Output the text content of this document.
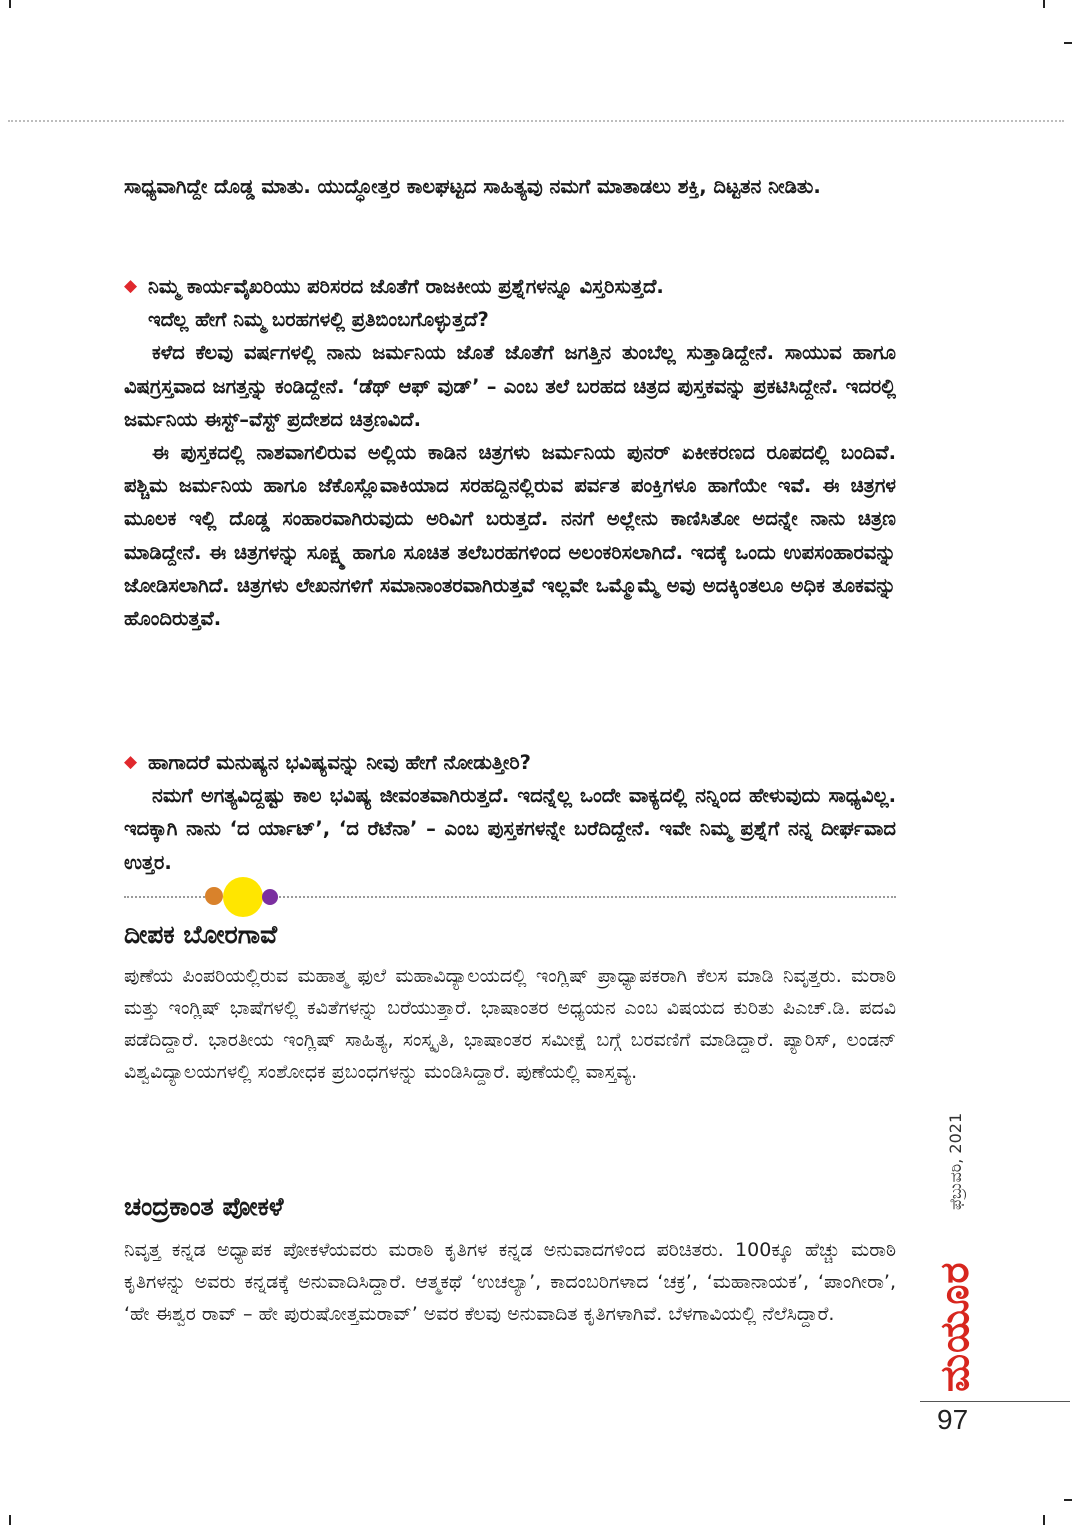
ಸಾಧ್ಯವಾಗಿದ್ದೇ ದೊಡ್ಡ ಮಾತು. ಯುದ್ಧೋತ್ತರ ಕಾಲಘಟ್ಟದ ಸಾಹಿತ್ಯವು ನಮಗೆ ಮಾತಾಡಲು ಶಕ್ತಿ, ದಿಟ್ಟತನ ನೀಡಿತು.

◆ ನಿಮ್ಮ ಕಾರ್ಯವೈಖರಿಯು ಪರಿಸರದ ಜೊತೆಗೆ ರಾಜಕೀಯ ಪ್ರಶ್ನೆಗಳನ್ನೂ ವಿಸ್ತರಿಸುತ್ತದೆ.

ಇದೆಲ್ಲ ಹೇಗೆ ನಿಮ್ಮ ಬರಹಗಳಲ್ಲಿ ಪ್ರತಿಬಿಂಬಗೊಳ್ಳುತ್ತದೆ?

ಕಳೆದ ಕೆಲವು ವರ್ಷಗಳಲ್ಲಿ ನಾನು ಜರ್ಮನಿಯ ಜೊತೆ ಜೊತೆಗೆ ಜಗತ್ತಿನ ತುಂಬೆಲ್ಲ ಸುತ್ತಾಡಿದ್ದೇನೆ. ಸಾಯುವ ಹಾಗೂ ವಿಷಗ್ರಸ್ತವಾದ ಜಗತ್ತನ್ನು ಕಂಡಿದ್ದೇನೆ. ‘ಡೆಥ್ ಆಫ್ ವುಡ್’ – ಎಂಬ ತಲೆ ಬರಹದ ಚಿತ್ರದ ಪುಸ್ತಕವನ್ನು ಪ್ರಕಟಿಸಿದ್ದೇನೆ. ಇದರಲ್ಲಿ ಜರ್ಮನಿಯ ಈಸ್ಟ್–ವೆಸ್ಟ್ ಪ್ರದೇಶದ ಚಿತ್ರಣವಿದೆ.

ಈ ಪುಸ್ತಕದಲ್ಲಿ ನಾಶವಾಗಲಿರುವ ಅಲ್ಲಿಯ ಕಾಡಿನ ಚಿತ್ರಗಳು ಜರ್ಮನಿಯ ಪುನರ್ ಏಕೀಕರಣದ ರೂಪದಲ್ಲಿ ಬಂದಿವೆ. ಪಶ್ಚಿಮ ಜರ್ಮನಿಯ ಹಾಗೂ ಜೆಕೊಸ್ಲೊವಾಕಿಯಾದ ಸರಹದ್ದಿನಲ್ಲಿರುವ ಪರ್ವತ ಪಂಕ್ತಿಗಳೂ ಹಾಗೆಯೇ ಇವೆ. ಈ ಚಿತ್ರಗಳ ಮೂಲಕ ಇಲ್ಲಿ ದೊಡ್ಡ ಸಂಹಾರವಾಗಿರುವುದು ಅರಿವಿಗೆ ಬರುತ್ತದೆ. ನನಗೆ ಅಲ್ಲೇನು ಕಾಣಿಸಿತೋ ಅದನ್ನೇ ನಾನು ಚಿತ್ರಣ ಮಾಡಿದ್ದೇನೆ. ಈ ಚಿತ್ರಗಳನ್ನು ಸೂಕ್ಷ್ಮ ಹಾಗೂ ಸೂಚಿತ ತಲೆಬರಹಗಳಿಂದ ಅಲಂಕರಿಸಲಾಗಿದೆ. ಇದಕ್ಕೆ ಒಂದು ಉಪಸಂಹಾರವನ್ನು ಜೋಡಿಸಲಾಗಿದೆ. ಚಿತ್ರಗಳು ಲೇಖನಗಳಿಗೆ ಸಮಾನಾಂತರವಾಗಿರುತ್ತವೆ ಇಲ್ಲವೇ ಒಮ್ಮೊಮ್ಮೆ ಅವು ಅದಕ್ಕಿಂತಲೂ ಅಧಿಕ ತೂಕವನ್ನು ಹೊಂದಿರುತ್ತವೆ.

◆ ಹಾಗಾದರೆ ಮನುಷ್ಯನ ಭವಿಷ್ಯವನ್ನು ನೀವು ಹೇಗೆ ನೋಡುತ್ತೀರಿ?

ನಮಗೆ ಅಗತ್ಯವಿದ್ದಷ್ಟು ಕಾಲ ಭವಿಷ್ಯ ಜೀವಂತವಾಗಿರುತ್ತದೆ. ಇದನ್ನೆಲ್ಲ ಒಂದೇ ವಾಕ್ಯದಲ್ಲಿ ನನ್ನಿಂದ ಹೇಳುವುದು ಸಾಧ್ಯವಿಲ್ಲ. ಇದಕ್ಕಾಗಿ ನಾನು ‘ದ ರ್ಯಾಟ್’, ‘ದ ರೆಟೆನಾ’ – ಎಂಬ ಪುಸ್ತಕಗಳನ್ನೇ ಬರೆದಿದ್ದೇನೆ. ಇವೇ ನಿಮ್ಮ ಪ್ರಶ್ನೆಗೆ ನನ್ನ ದೀರ್ಘವಾದ ಉತ್ತರ.

ದೀಪಕ ಬೋರಗಾವೆ
ಪುಣೆಯ ಪಿಂಪರಿಯಲ್ಲಿರುವ ಮಹಾತ್ಮ ಫುಲೆ ಮಹಾವಿದ್ಯಾಲಯದಲ್ಲಿ ಇಂಗ್ಲಿಷ್ ಪ್ರಾಧ್ಯಾಪಕರಾಗಿ ಕೆಲಸ ಮಾಡಿ ನಿವೃತ್ತರು. ಮರಾಠಿ ಮತ್ತು ಇಂಗ್ಲಿಷ್ ಭಾಷೆಗಳಲ್ಲಿ ಕವಿತೆಗಳನ್ನು ಬರೆಯುತ್ತಾರೆ. ಭಾಷಾಂತರ ಅಧ್ಯಯನ ಎಂಬ ವಿಷಯದ ಕುರಿತು ಪಿಎಚ್.ಡಿ. ಪದವಿ ಪಡೆದಿದ್ದಾರೆ. ಭಾರತೀಯ ಇಂಗ್ಲಿಷ್ ಸಾಹಿತ್ಯ, ಸಂಸ್ಕೃತಿ, ಭಾಷಾಂತರ ಸಮೀಕ್ಷೆ ಬಗ್ಗೆ ಬರವಣಿಗೆ ಮಾಡಿದ್ದಾರೆ. ಪ್ಯಾರಿಸ್, ಲಂಡನ್ ವಿಶ್ವವಿದ್ಯಾಲಯಗಳಲ್ಲಿ ಸಂಶೋಧಕ ಪ್ರಬಂಧಗಳನ್ನು ಮಂಡಿಸಿದ್ದಾರೆ. ಪುಣೆಯಲ್ಲಿ ವಾಸ್ತವ್ಯ.
ಚಂದ್ರಕಾಂತ ಪೋಕಳೆ
ನಿವೃತ್ತ ಕನ್ನಡ ಅಧ್ಯಾಪಕ ಪೋಕಳೆಯವರು ಮರಾಠಿ ಕೃತಿಗಳ ಕನ್ನಡ ಅನುವಾದಗಳಿಂದ ಪರಿಚಿತರು. 100ಕ್ಕೂ ಹೆಚ್ಚು ಮರಾಠಿ ಕೃತಿಗಳನ್ನು ಅವರು ಕನ್ನಡಕ್ಕೆ ಅನುವಾದಿಸಿದ್ದಾರೆ. ಆತ್ಮಕಥೆ ‘ಉಚಲ್ಯಾ’, ಕಾದಂಬರಿಗಳಾದ ‘ಚಕ್ರ’, ‘ಮಹಾನಾಯಕ’, ‘ಪಾಂಗೀರಾ’, ‘ಹೇ ಈಶ್ವರ ರಾವ್ – ಹೇ ಪುರುಷೋತ್ತಮರಾವ್’ ಅವರ ಕೆಲವು ಅನುವಾದಿತ ಕೃತಿಗಳಾಗಿವೆ. ಬೆಳಗಾವಿಯಲ್ಲಿ ನೆಲೆಸಿದ್ದಾರೆ.
ಫೆಬ್ರುವರಿ, 2021
ಮಯೂರ
97
